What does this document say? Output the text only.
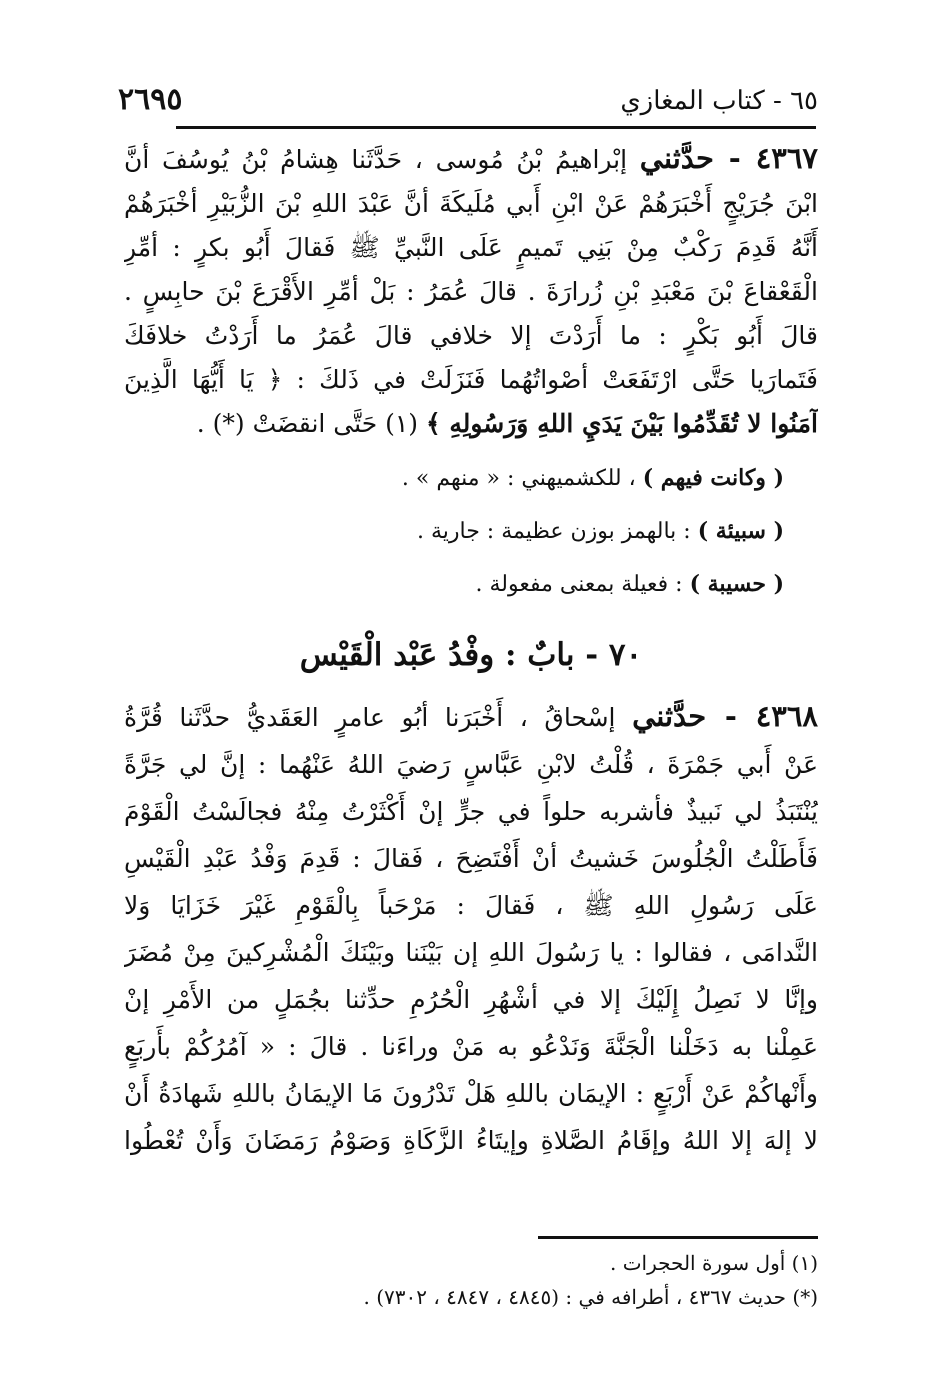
٦٥ - كتاب المغازي
٢٦٩٥
٤٣٦٧ - حدَّثني إبْراهيمُ بْنُ مُوسى ، حَدَّثَنا هِشامُ بْنُ يُوسُفَ أنَّ
ابْنَ جُرَيْجٍ أَخْبَرَهُمْ عَنْ ابْنِ أَبي مُلَيكَةَ أنَّ عَبْدَ اللهِ بْنَ الزُّبَيْرِ أخْبَرَهُمْ
أَنَّهُ قَدِمَ رَكْبٌ مِنْ بَنِي تَميمٍ عَلَى النَّبيِّ ﷺ فَقالَ أَبُو بكرٍ : أمِّرِ
الْقَعْقاعَ بْنَ مَعْبَدِ بْنِ زُرارَةَ . قالَ عُمَرُ : بَلْ أمِّرِ الأَقْرَعَ بْنَ حابِسٍ .
قالَ أَبُو بَكْرٍ : ما أَرَدْتَ إلا خلافي قالَ عُمَرُ ما أَرَدْتُ خلافَكَ
فَتَمارَيا حَتَّى ارْتَفَعَتْ أصْواتُهُما فَنَزَلَتْ في ذَلكَ : ﴿ يَا أَيُّهَا الَّذِينَ
آمَنُوا لا تُقَدِّمُوا بَيْنَ يَدَيِ اللهِ وَرَسُولِهِ ﴾ (١) حَتَّى انقضَتْ (*) .
( وكانت فيهم ) ، للكشميهني : « منهم » .
( سبيئة ) : بالهمز بوزن عظيمة : جارية .
( حسيبة ) : فعيلة بمعنى مفعولة .
٧٠ - بابٌ : وفْدُ عَبْد الْقَيْس
٤٣٦٨ - حدَّثني إسْحاقُ ، أَخْبَرَنا أبُو عامرٍ العَقَديُّ حدَّثَنا قُرَّةُ
عَنْ أَبي جَمْرَةَ ، قُلْتُ لابْنِ عَبَّاسٍ رَضيَ اللهُ عَنْهُما : إنَّ لي جَرَّةً
يُنْتَبَذُ لي نَبيذٌ فأشربه حلواً في جرٍّ إنْ أَكْثَرْتُ مِنْهُ فجالَسْتُ الْقَوْمَ
فَأَطَلْتُ الْجُلُوسَ خَشيتُ أنْ أَفْتَضِحَ ، فَقالَ : قَدِمَ وَفْدُ عَبْدِ الْقَيْسِ
عَلَى رَسُولِ اللهِ ﷺ ، فَقالَ : مَرْحَباً بِالْقَوْمِ غَيْرَ خَزَايَا وَلا
النَّدامَى ، فقالوا : يا رَسُولَ اللهِ إن بَيْنَنا وبَيْنَكَ الْمُشْرِكينَ مِنْ مُضَرَ
وإنَّا لا نَصِلُ إِلَيْكَ إلا في أشْهُرِ الْحُرُمِ حدِّثنا بجُمَلٍ من الأَمْرِ إنْ
عَمِلْنا به دَخَلْنا الْجَنَّةَ وَنَدْعُو به مَنْ وراءَنا . قالَ : « آمُرُكُمْ بأَربَعٍ
وأَنْهاكُمْ عَنْ أَرْبَعٍ : الإيمَان باللهِ هَلْ تَدْرُونَ مَا الإيمَانُ باللهِ شَهادَةُ أَنْ
لا إلهَ إلا اللهُ وإقَامُ الصَّلاةِ وإيتَاءُ الزَّكَاةِ وَصَوْمُ رَمَضَانَ وَأَنْ تُعْطُوا
(١) أول سورة الحجرات .
(*) حديث ٤٣٦٧ ، أطرافه في : (٤٨٤٥ ، ٤٨٤٧ ، ٧٣٠٢) .
